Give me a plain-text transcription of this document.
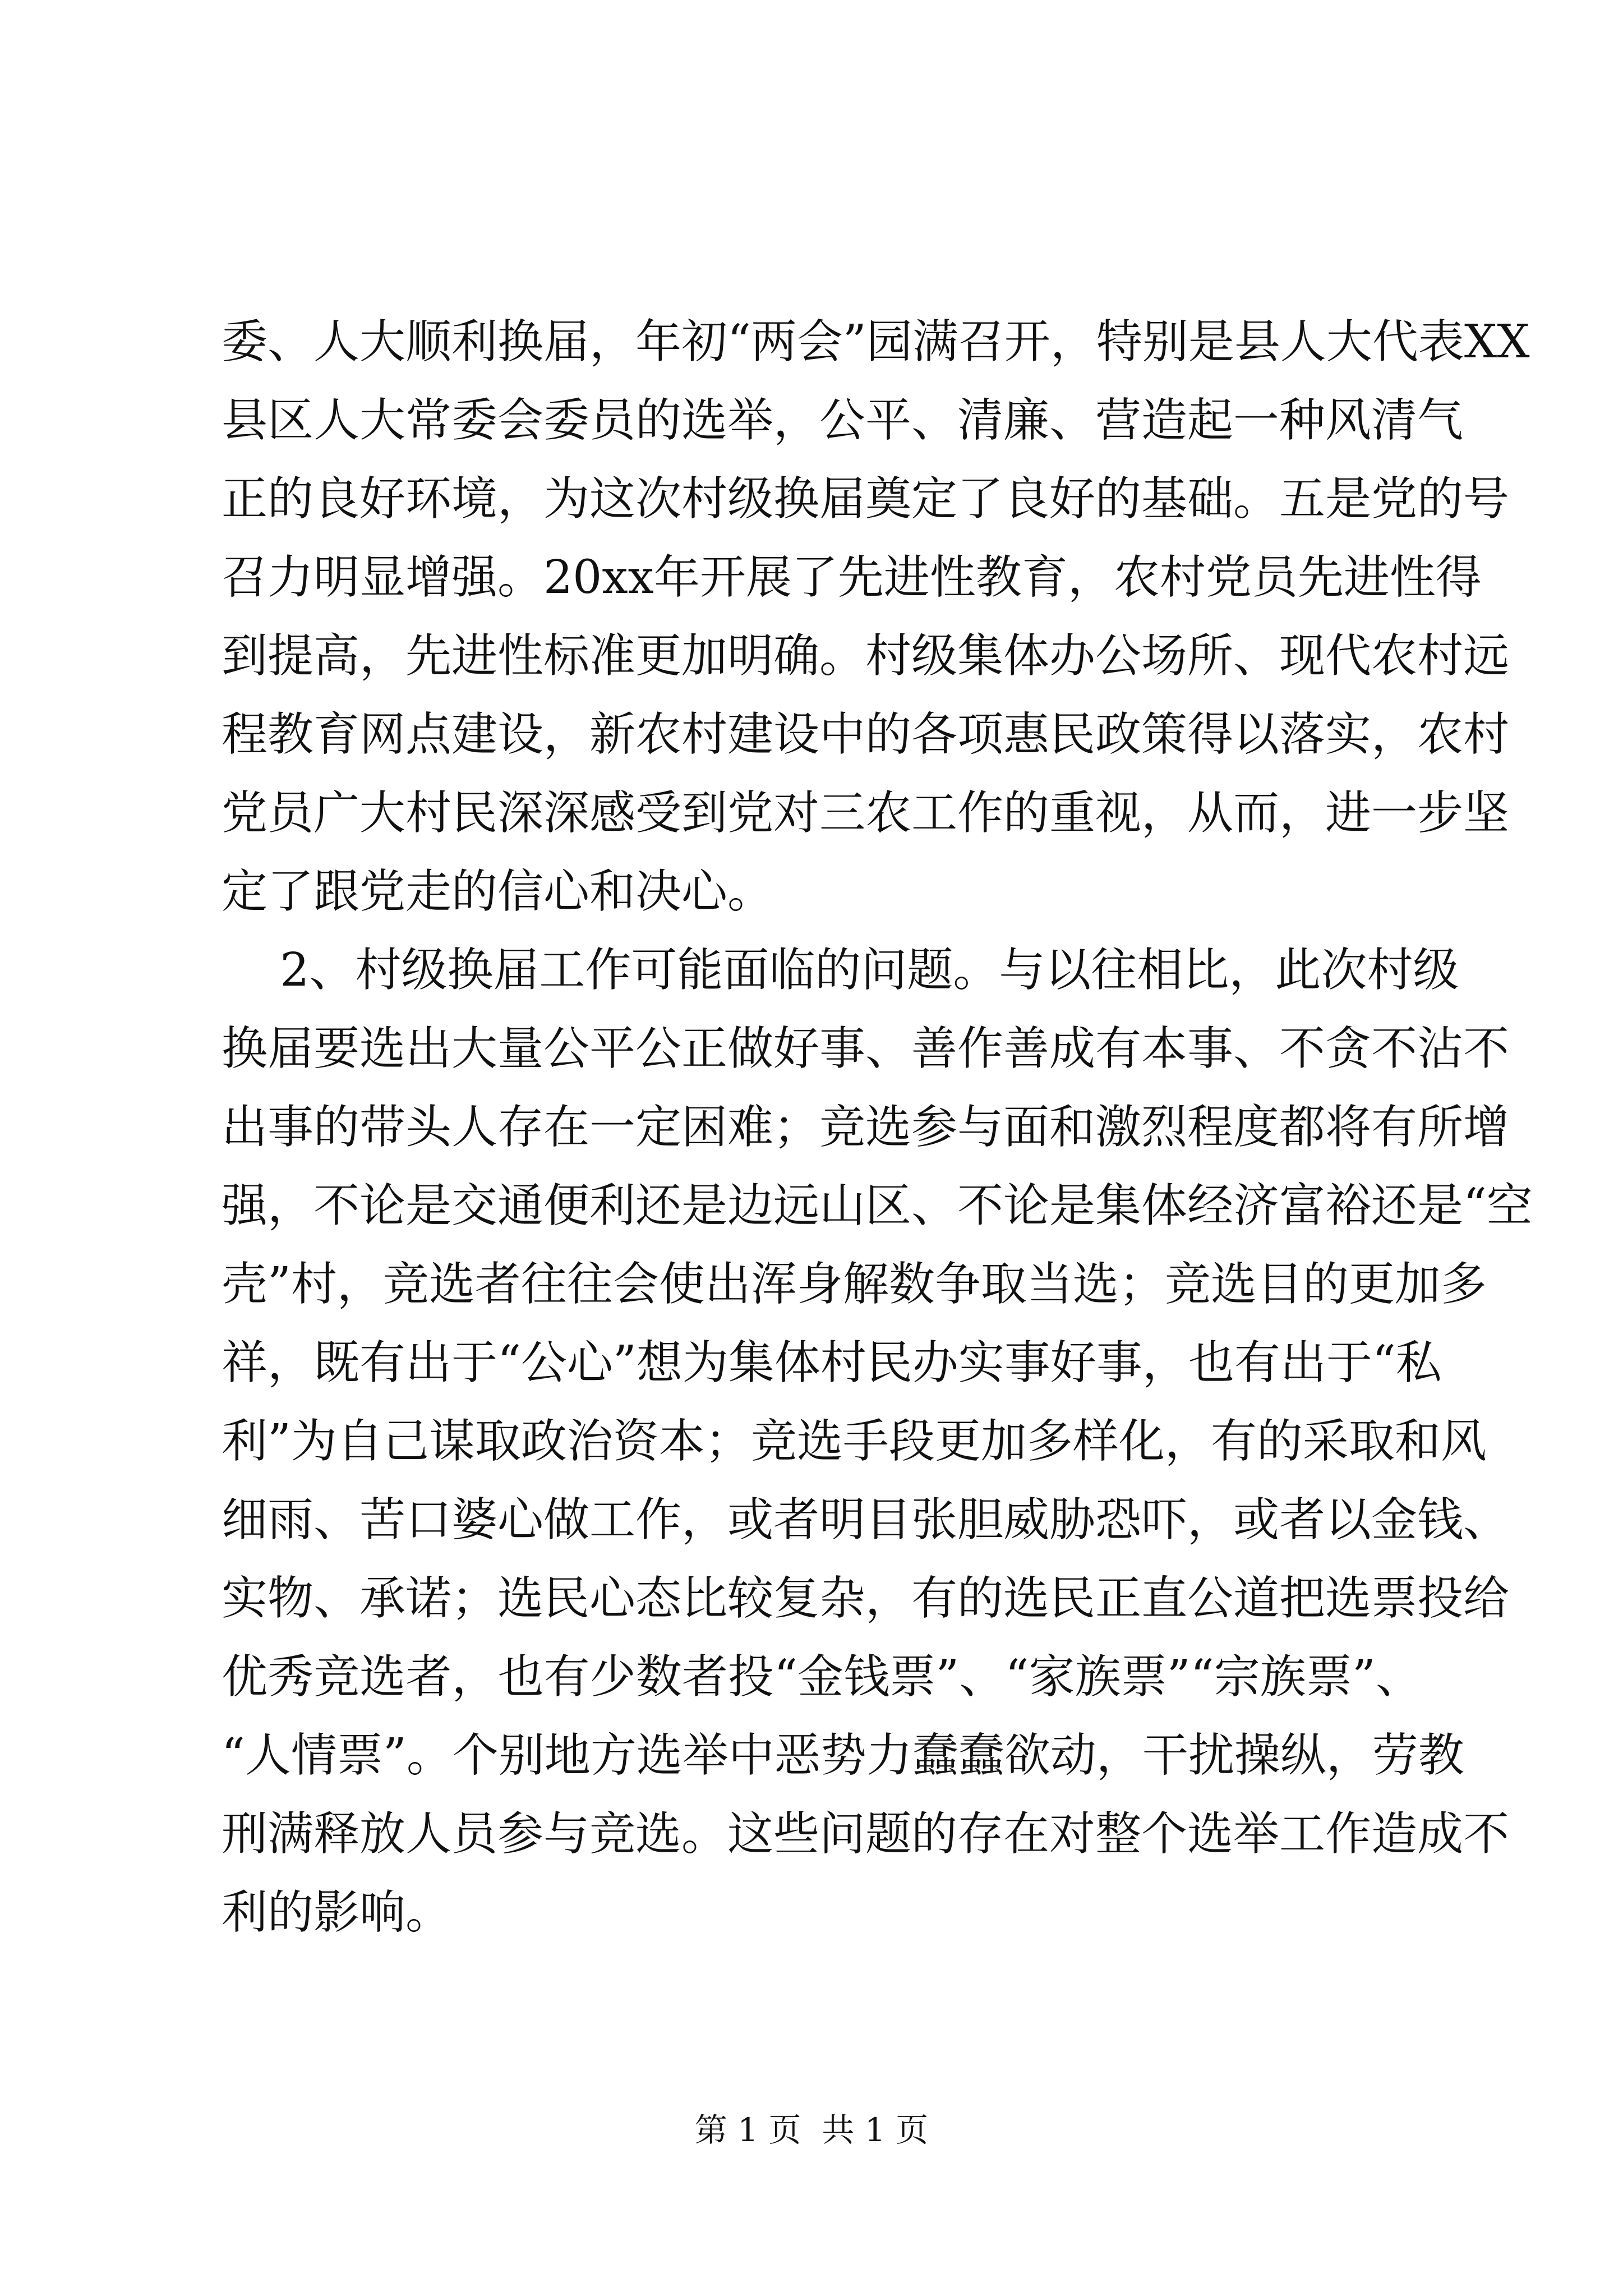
委、人大顺利换届，年初“两会”园满召开，特别是县人大代表XX
县区人大常委会委员的选举，公平、清廉、营造起一种风清气
正的良好环境，为这次村级换届奠定了良好的基础。五是党的号
召力明显增强。20xx年开展了先进性教育，农村党员先进性得
到提高，先进性标准更加明确。村级集体办公场所、现代农村远
程教育网点建设，新农村建设中的各项惠民政策得以落实，农村
党员广大村民深深感受到党对三农工作的重视，从而，进一步坚
定了跟党走的信心和决心。
2、村级换届工作可能面临的问题。与以往相比，此次村级
换届要选出大量公平公正做好事、善作善成有本事、不贪不沾不
出事的带头人存在一定困难；竞选参与面和激烈程度都将有所增
强，不论是交通便利还是边远山区、不论是集体经济富裕还是“空
壳”村，竞选者往往会使出浑身解数争取当选；竞选目的更加多
祥，既有出于“公心”想为集体村民办实事好事，也有出于“私
利”为自己谋取政治资本；竞选手段更加多样化，有的采取和风
细雨、苦口婆心做工作，或者明目张胆威胁恐吓，或者以金钱、
实物、承诺；选民心态比较复杂，有的选民正直公道把选票投给
优秀竞选者，也有少数者投“金钱票”、“家族票”“宗族票”、
“人情票”。个别地方选举中恶势力蠢蠢欲动，干扰操纵，劳教
刑满释放人员参与竞选。这些问题的存在对整个选举工作造成不
利的影响。
第 1 页  共 1 页
